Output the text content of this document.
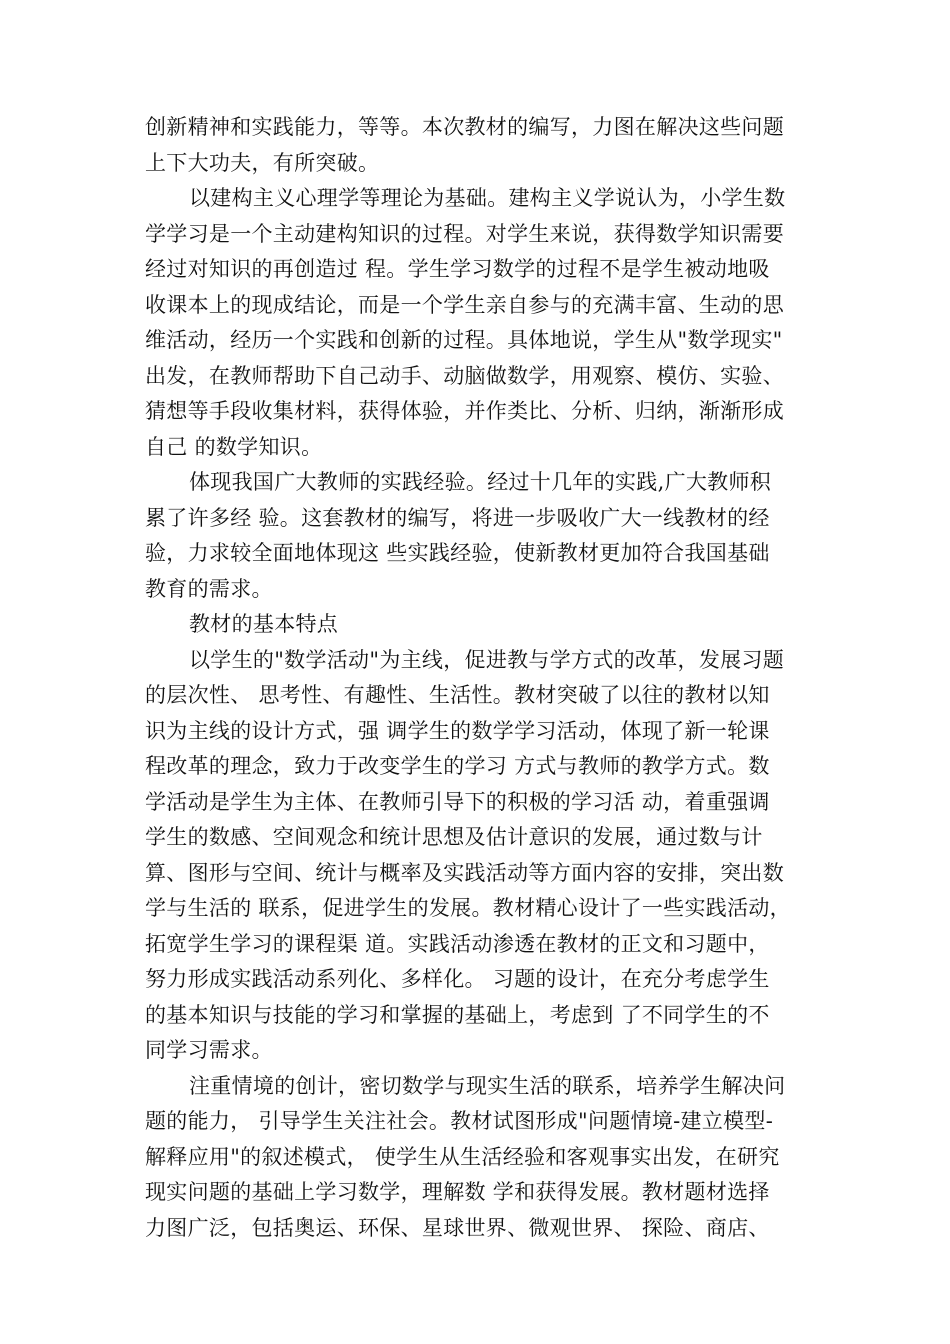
创新精神和实践能力，等等。本次教材的编写，力图在解决这些问题
上下大功夫，有所突破。

以建构主义心理学等理论为基础。建构主义学说认为，小学生数
学学习是一个主动建构知识的过程。对学生来说，获得数学知识需要
经过对知识的再创造过 程。学生学习数学的过程不是学生被动地吸
收课本上的现成结论，而是一个学生亲自参与的充满丰富、生动的思
维活动，经历一个实践和创新的过程。具体地说，学生从"数学现实"
出发，在教师帮助下自己动手、动脑做数学，用观察、模仿、实验、
猜想等手段收集材料，获得体验，并作类比、分析、归纳，渐渐形成
自己 的数学知识。

体现我国广大教师的实践经验。经过十几年的实践,广大教师积
累了许多经 验。这套教材的编写，将进一步吸收广大一线教材的经
验，力求较全面地体现这 些实践经验，使新教材更加符合我国基础
教育的需求。

教材的基本特点

以学生的"数学活动"为主线，促进教与学方式的改革，发展习题
的层次性、 思考性、有趣性、生活性。教材突破了以往的教材以知
识为主线的设计方式，强 调学生的数学学习活动，体现了新一轮课
程改革的理念，致力于改变学生的学习 方式与教师的教学方式。数
学活动是学生为主体、在教师引导下的积极的学习活 动，着重强调
学生的数感、空间观念和统计思想及估计意识的发展，通过数与计
算、图形与空间、统计与概率及实践活动等方面内容的安排，突出数
学与生活的 联系，促进学生的发展。教材精心设计了一些实践活动，
拓宽学生学习的课程渠 道。实践活动渗透在教材的正文和习题中，
努力形成实践活动系列化、多样化。 习题的设计，在充分考虑学生
的基本知识与技能的学习和掌握的基础上，考虑到 了不同学生的不
同学习需求。

注重情境的创计，密切数学与现实生活的联系，培养学生解决问
题的能力， 引导学生关注社会。教材试图形成"问题情境-建立模型-
解释应用"的叙述模式， 使学生从生活经验和客观事实出发，在研究
现实问题的基础上学习数学，理解数 学和获得发展。教材题材选择
力图广泛，包括奥运、环保、星球世界、微观世界、 探险、商店、
